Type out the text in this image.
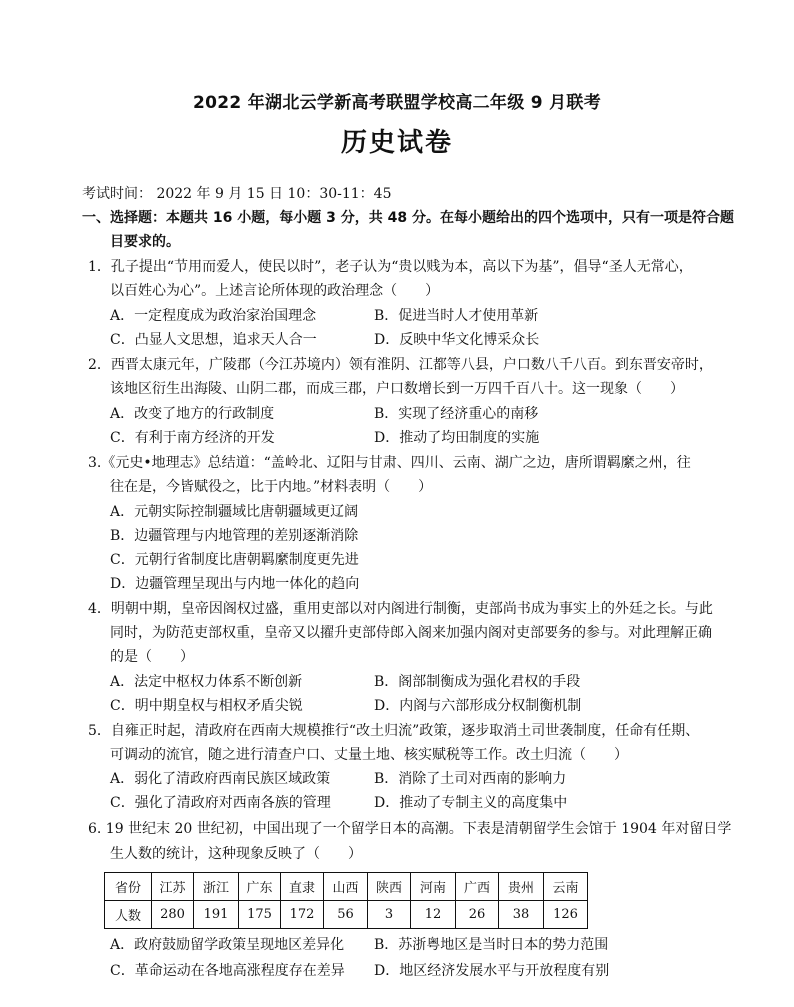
2022 年湖北云学新高考联盟学校高二年级 9 月联考
历史试卷
考试时间： 2022 年 9 月 15 日 10：30-11：45
一、选择题：本题共 16 小题，每小题 3 分，共 48 分。在每小题给出的四个选项中，只有一项是符合题
目要求的。
1．孔子提出“节用而爱人，使民以时”，老子认为“贵以贱为本，高以下为基”，倡导“圣人无常心，
以百姓心为心”。上述言论所体现的政治理念（　　）
A．一定程度成为政治家治国理念	B．促进当时人才使用革新
C．凸显人文思想，追求天人合一	D．反映中华文化博采众长
2．西晋太康元年，广陵郡（今江苏境内）领有淮阴、江都等八县，户口数八千八百。到东晋安帝时，
该地区衍生出海陵、山阴二郡，而成三郡，户口数增长到一万四千百八十。这一现象（　　）
A．改变了地方的行政制度	B．实现了经济重心的南移
C．有利于南方经济的开发	D．推动了均田制度的实施
3.《元史•地理志》总结道：“盖岭北、辽阳与甘肃、四川、云南、湖广之边，唐所谓羁縻之州，往
往在是，今皆赋役之，比于内地。”材料表明（　　）
A．元朝实际控制疆域比唐朝疆域更辽阔
B．边疆管理与内地管理的差别逐渐消除
C．元朝行省制度比唐朝羁縻制度更先进
D．边疆管理呈现出与内地一体化的趋向
4．明朝中期，皇帝因阁权过盛，重用吏部以对内阁进行制衡，吏部尚书成为事实上的外廷之长。与此
同时，为防范吏部权重，皇帝又以擢升吏部侍郎入阁来加强内阁对吏部要务的参与。对此理解正确
的是（　　）
A．法定中枢权力体系不断创新	B．阁部制衡成为强化君权的手段
C．明中期皇权与相权矛盾尖锐	D．内阁与六部形成分权制衡机制
5．自雍正时起，清政府在西南大规模推行“改土归流”政策，逐步取消土司世袭制度，任命有任期、
可调动的流官，随之进行清查户口、丈量土地、核实赋税等工作。改土归流（　　）
A．弱化了清政府西南民族区域政策	B．消除了土司对西南的影响力
C．强化了清政府对西南各族的管理	D．推动了专制主义的高度集中
6. 19 世纪末 20 世纪初，中国出现了一个留学日本的高潮。下表是清朝留学生会馆于 1904 年对留日学
生人数的统计，这种现象反映了（　　）
省份	江苏	浙江	广东	直隶	山西	陕西	河南	广西	贵州	云南
人数	280	191	175	172	56	3	12	26	38	126
A．政府鼓励留学政策呈现地区差异化 B．苏浙粤地区是当时日本的势力范围
C．革命运动在各地高涨程度存在差异 D．地区经济发展水平与开放程度有别
